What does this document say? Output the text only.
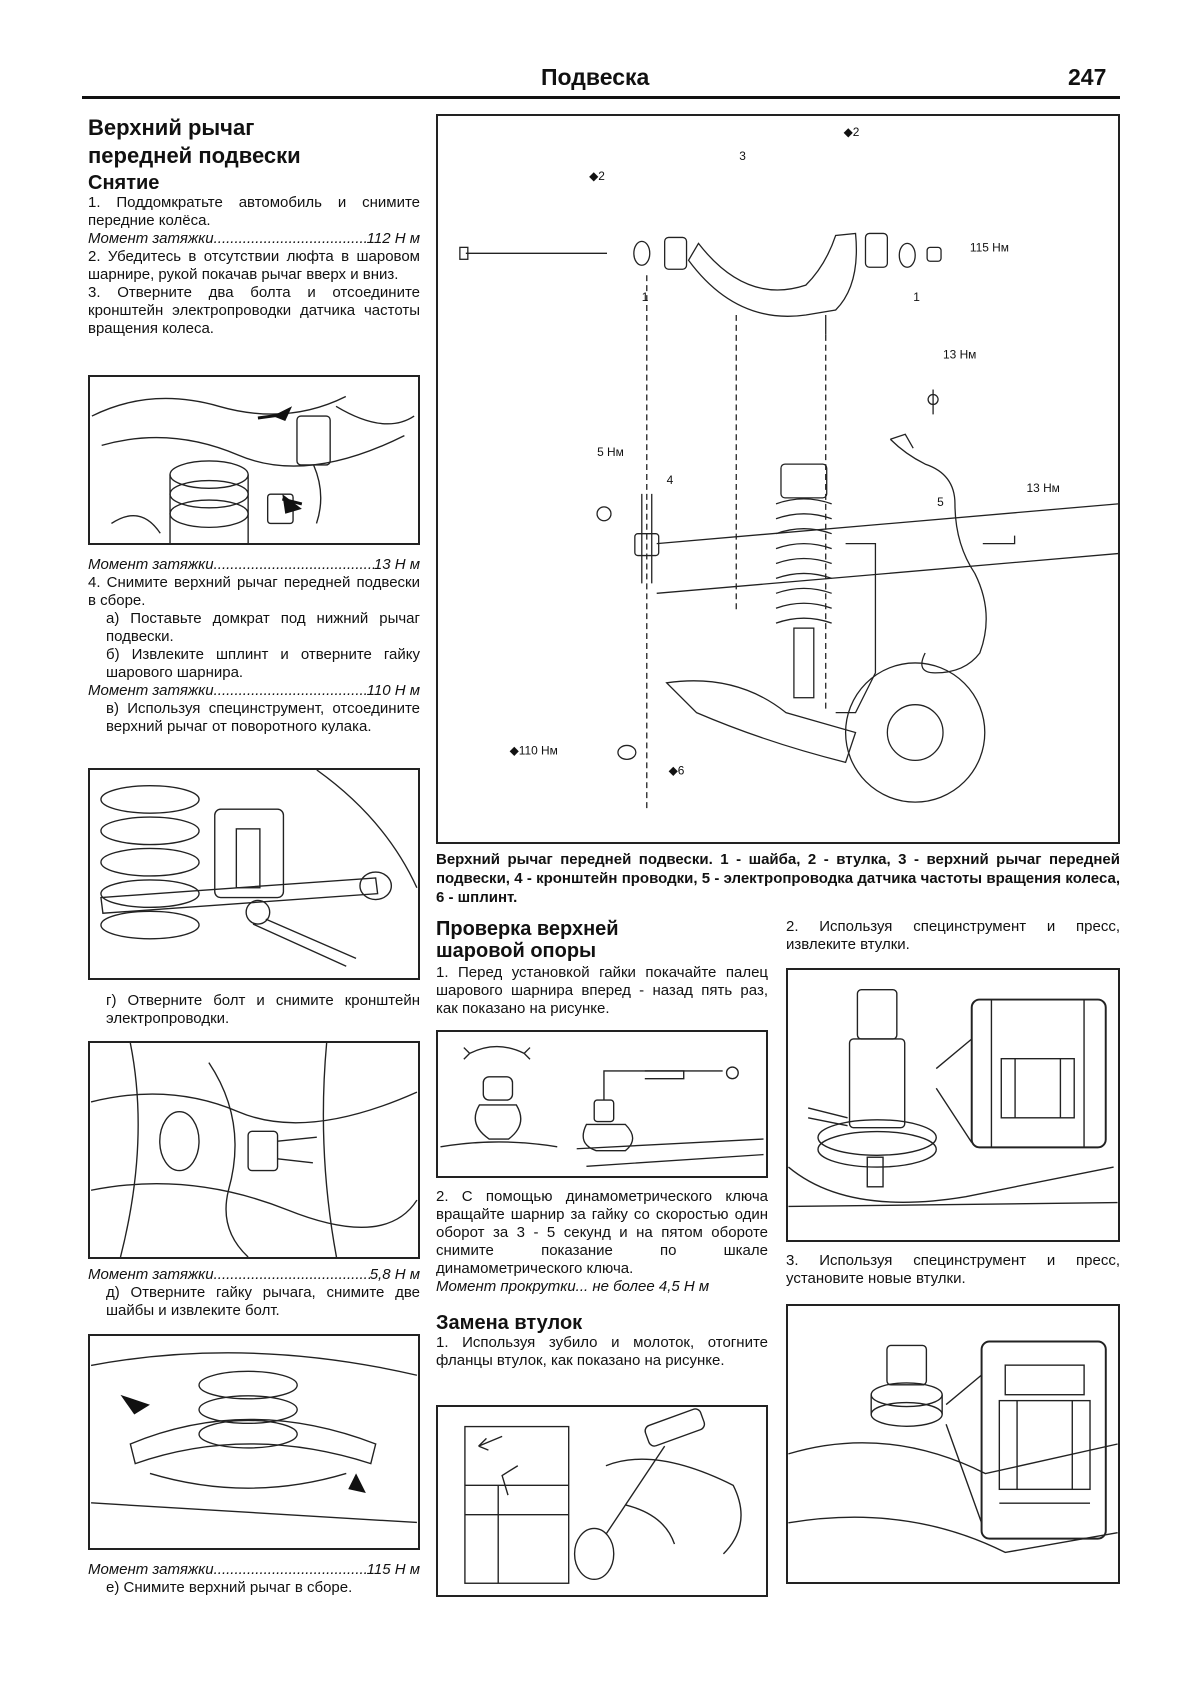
Подвеска	247
Верхний рычаг
передней подвески
Снятие
1. Поддомкратьте автомобиль и снимите передние колёса.
Момент затяжки .....	112 Н м
2. Убедитесь в отсутствии люфта в шаровом шарнире, рукой покачав рычаг вверх и вниз.
3. Отверните два болта и отсоедините кронштейн электропроводки датчика частоты вращения колеса.
Момент затяжки .....	13 Н м
4. Снимите верхний рычаг передней подвески в сборе.
а) Поставьте домкрат под нижний рычаг подвески.
б) Извлеките шплинт и отверните гайку шарового шарнира.
Момент затяжки .....	110 Н м
в) Используя специнструмент, отсоедините верхний рычаг от поворотного кулака.
г) Отверните болт и снимите кронштейн электропроводки.
Момент затяжки .....	5,8 Н м
д) Отверните гайку рычага, снимите две шайбы и извлеките болт.
Момент затяжки .....	115 Н м
е) Снимите верхний рычаг в сборе.
◆2
◆2
3
1	1
115 Нм
13 Нм
5 Нм
4
5
13 Нм
◆110 Нм
◆6
Верхний рычаг передней подвески. 1 - шайба, 2 - втулка, 3 - верхний рычаг передней подвески, 4 - кронштейн проводки, 5 - электропроводка датчика частоты вращения колеса, 6 - шплинт.
Проверка верхней
шаровой опоры
1. Перед установкой гайки покачайте палец шарового шарнира вперед - назад пять раз, как показано на рисунке.
2. С помощью динамометрического ключа вращайте шарнир за гайку со скоростью один оборот за 3 - 5 секунд и на пятом обороте снимите показание по шкале динамометрического ключа.
Момент прокрутки... не более 4,5 Н м
Замена втулок
1. Используя зубило и молоток, отогните фланцы втулок, как показано на рисунке.
2. Используя специнструмент и пресс, извлеките втулки.
3. Используя специнструмент и пресс, установите новые втулки.
